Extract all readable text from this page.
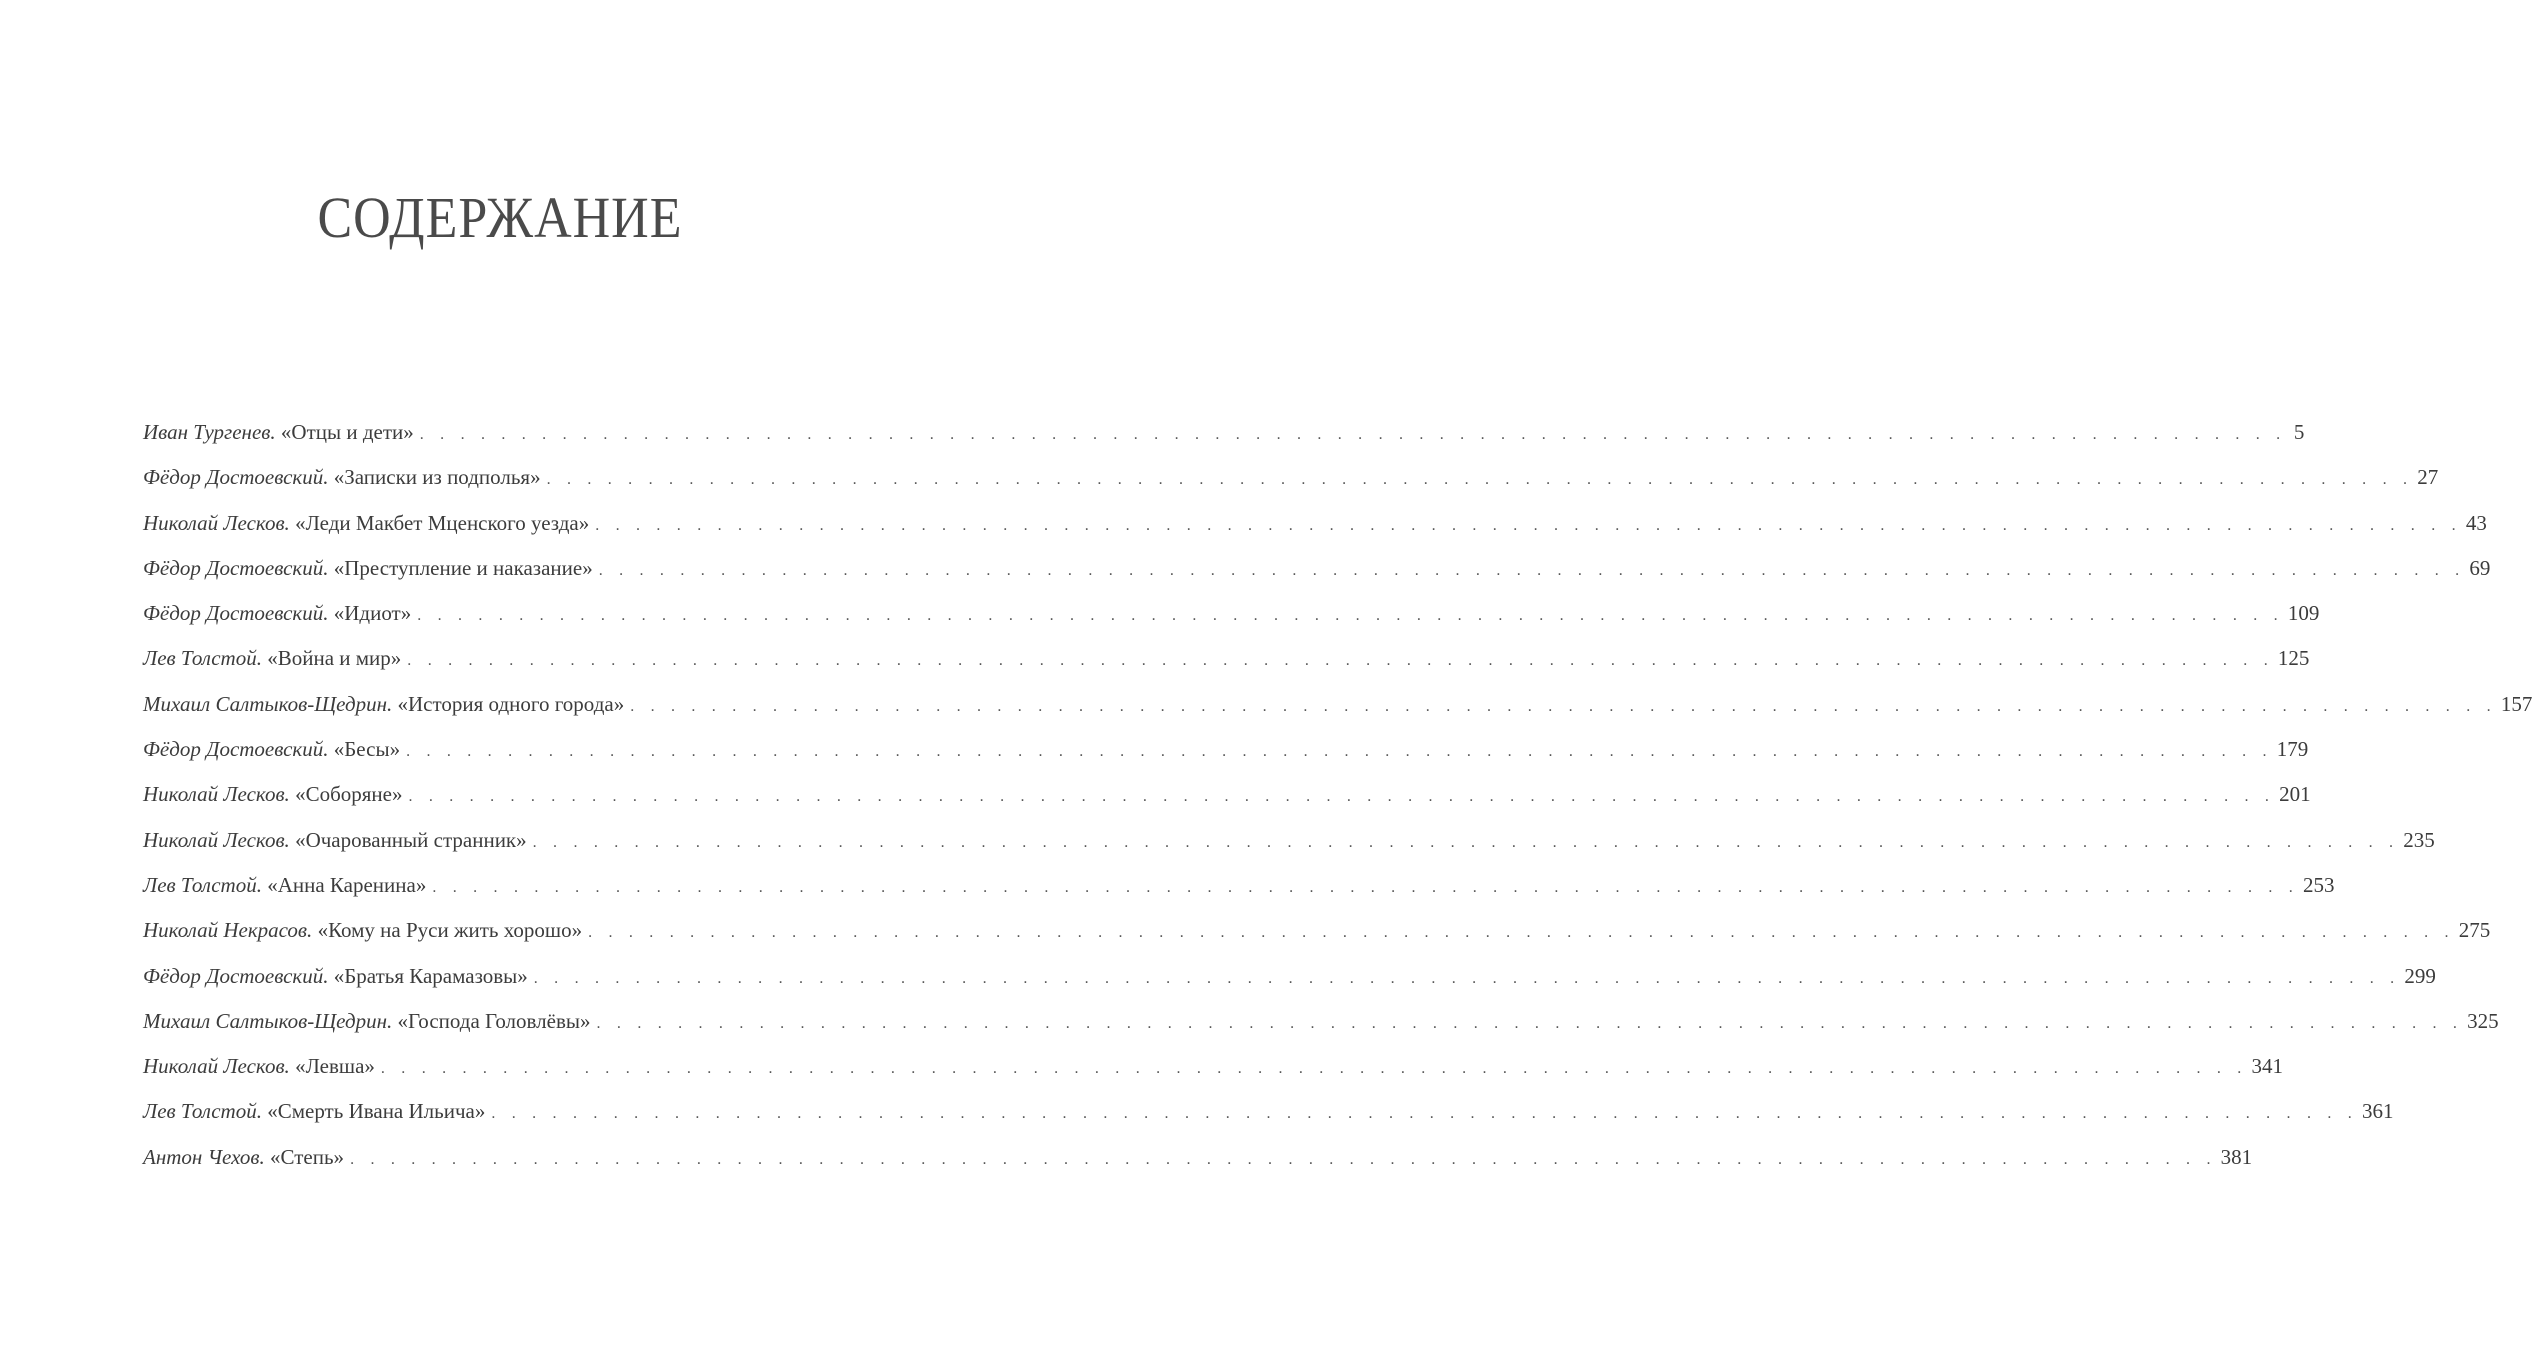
СОДЕРЖАНИЕ
Иван Тургенев.
«Отцы и дети» . . . . . . . . . . . . . . . . . . . . . . . . . . . . . . . . . . . . . . . . . . . . . . . . . . . . . . . . . . . . . . . . . . . . . . . . . . . . . . . . . . . . . . . . . . . . 5
Фёдор Достоевский.
«Записки из подполья» . . . . . . . . . . . . . . . . . . . . . . . . . . . . . . . . . . . . . . . . . . . . . . . . . . . . . . . . . . . . . . . . . . . . . . . . . . . . . . . . . . . . . . . . . . . . 27
Николай Лесков.
«Леди Макбет Мценского уезда» . . . . . . . . . . . . . . . . . . . . . . . . . . . . . . . . . . . . . . . . . . . . . . . . . . . . . . . . . . . . . . . . . . . . . . . . . . . . . . . . . . . . . . . . . . . . 43
Фёдор Достоевский.
«Преступление и наказание» . . . . . . . . . . . . . . . . . . . . . . . . . . . . . . . . . . . . . . . . . . . . . . . . . . . . . . . . . . . . . . . . . . . . . . . . . . . . . . . . . . . . . . . . . . . . 69
Фёдор Достоевский.
«Идиот» . . . . . . . . . . . . . . . . . . . . . . . . . . . . . . . . . . . . . . . . . . . . . . . . . . . . . . . . . . . . . . . . . . . . . . . . . . . . . . . . . . . . . . . . . . . . 109
Лев Толстой.
«Война и мир» . . . . . . . . . . . . . . . . . . . . . . . . . . . . . . . . . . . . . . . . . . . . . . . . . . . . . . . . . . . . . . . . . . . . . . . . . . . . . . . . . . . . . . . . . . . . 125
Михаил Салтыков-Щедрин.
«История одного города» . . . . . . . . . . . . . . . . . . . . . . . . . . . . . . . . . . . . . . . . . . . . . . . . . . . . . . . . . . . . . . . . . . . . . . . . . . . . . . . . . . . . . . . . . . . . 157
Фёдор Достоевский.
«Бесы» . . . . . . . . . . . . . . . . . . . . . . . . . . . . . . . . . . . . . . . . . . . . . . . . . . . . . . . . . . . . . . . . . . . . . . . . . . . . . . . . . . . . . . . . . . . . 179
Николай Лесков.
«Соборяне» . . . . . . . . . . . . . . . . . . . . . . . . . . . . . . . . . . . . . . . . . . . . . . . . . . . . . . . . . . . . . . . . . . . . . . . . . . . . . . . . . . . . . . . . . . . . 201
Николай Лесков.
«Очарованный странник» . . . . . . . . . . . . . . . . . . . . . . . . . . . . . . . . . . . . . . . . . . . . . . . . . . . . . . . . . . . . . . . . . . . . . . . . . . . . . . . . . . . . . . . . . . . . 235
Лев Толстой.
«Анна Каренина» . . . . . . . . . . . . . . . . . . . . . . . . . . . . . . . . . . . . . . . . . . . . . . . . . . . . . . . . . . . . . . . . . . . . . . . . . . . . . . . . . . . . . . . . . . . . 253
Николай Некрасов.
«Кому на Руси жить хорошо» . . . . . . . . . . . . . . . . . . . . . . . . . . . . . . . . . . . . . . . . . . . . . . . . . . . . . . . . . . . . . . . . . . . . . . . . . . . . . . . . . . . . . . . . . . . . 275
Фёдор Достоевский.
«Братья Карамазовы» . . . . . . . . . . . . . . . . . . . . . . . . . . . . . . . . . . . . . . . . . . . . . . . . . . . . . . . . . . . . . . . . . . . . . . . . . . . . . . . . . . . . . . . . . . . . 299
Михаил Салтыков-Щедрин.
«Господа Головлёвы» . . . . . . . . . . . . . . . . . . . . . . . . . . . . . . . . . . . . . . . . . . . . . . . . . . . . . . . . . . . . . . . . . . . . . . . . . . . . . . . . . . . . . . . . . . . . 325
Николай Лесков.
«Левша» . . . . . . . . . . . . . . . . . . . . . . . . . . . . . . . . . . . . . . . . . . . . . . . . . . . . . . . . . . . . . . . . . . . . . . . . . . . . . . . . . . . . . . . . . . . . 341
Лев Толстой.
«Смерть Ивана Ильича» . . . . . . . . . . . . . . . . . . . . . . . . . . . . . . . . . . . . . . . . . . . . . . . . . . . . . . . . . . . . . . . . . . . . . . . . . . . . . . . . . . . . . . . . . . . . 361
Антон Чехов.
«Степь» . . . . . . . . . . . . . . . . . . . . . . . . . . . . . . . . . . . . . . . . . . . . . . . . . . . . . . . . . . . . . . . . . . . . . . . . . . . . . . . . . . . . . . . . . . . . 381
